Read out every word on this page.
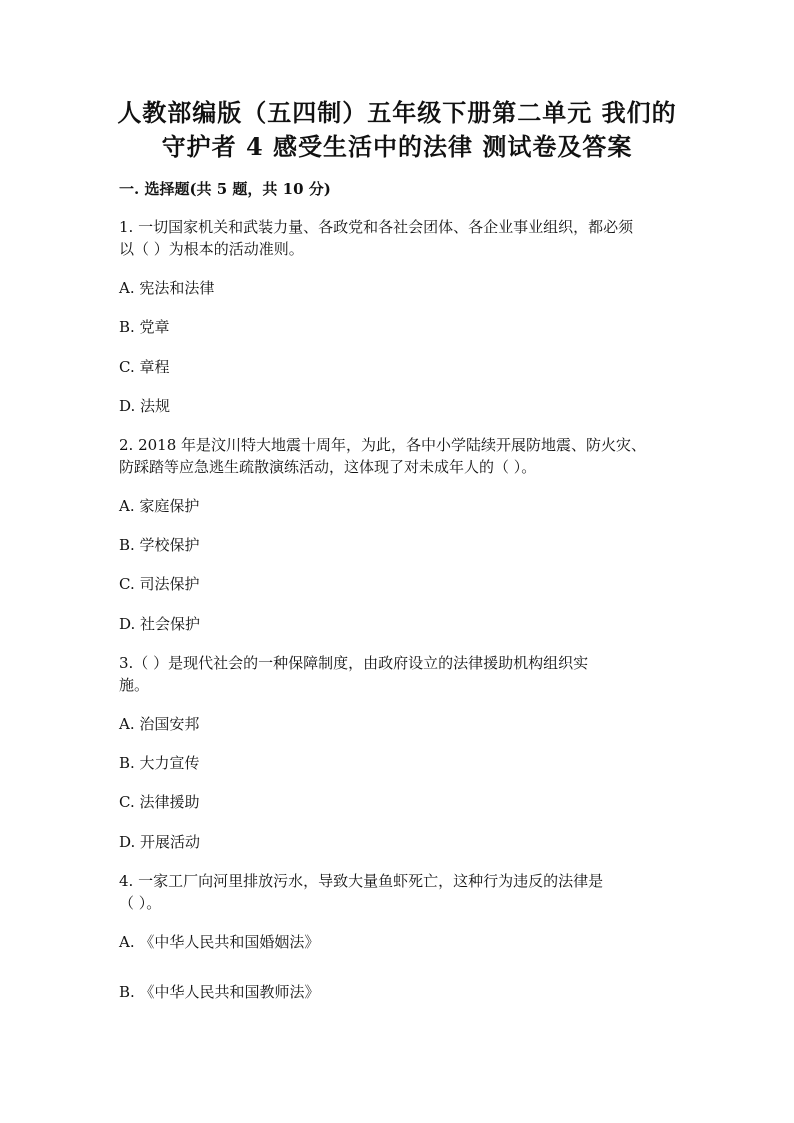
人教部编版（五四制）五年级下册第二单元 我们的
守护者 4 感受生活中的法律 测试卷及答案
一. 选择题(共 5 题，共 10 分)
1. 一切国家机关和武装力量、各政党和各社会团体、各企业事业组织，都必须
以（ ）为根本的活动准则。
A. 宪法和法律
B. 党章
C. 章程
D. 法规
2. 2018 年是汶川特大地震十周年，为此，各中小学陆续开展防地震、防火灾、
防踩踏等应急逃生疏散演练活动，这体现了对未成年人的（ ）。
A. 家庭保护
B. 学校保护
C. 司法保护
D. 社会保护
3.（ ）是现代社会的一种保障制度，由政府设立的法律援助机构组织实
施。
A. 治国安邦
B. 大力宣传
C. 法律援助
D. 开展活动
4. 一家工厂向河里排放污水，导致大量鱼虾死亡，这种行为违反的法律是
（ ）。
A. 《中华人民共和国婚姻法》
B. 《中华人民共和国教师法》
